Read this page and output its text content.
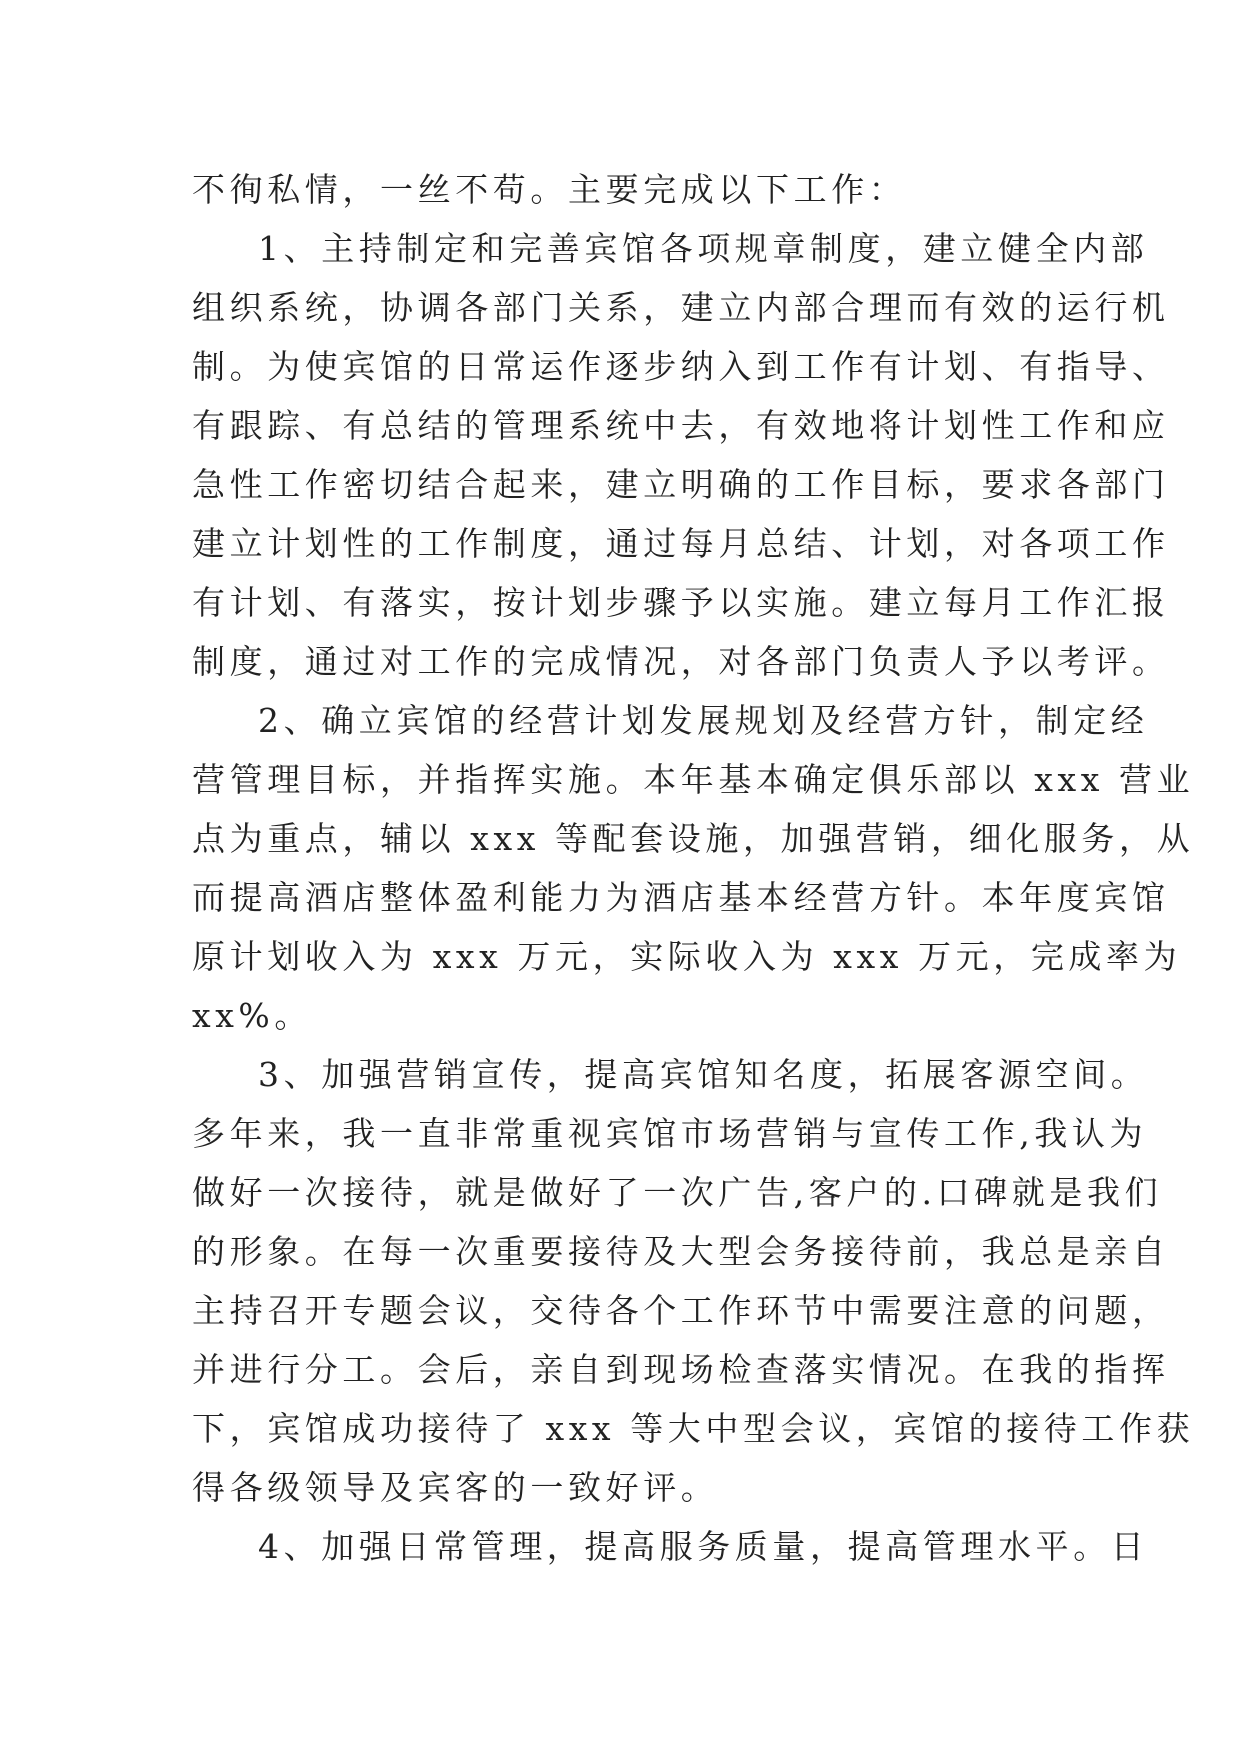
不徇私情，一丝不苟。主要完成以下工作：
1、主持制定和完善宾馆各项规章制度，建立健全内部
组织系统，协调各部门关系，建立内部合理而有效的运行机
制。为使宾馆的日常运作逐步纳入到工作有计划、有指导、
有跟踪、有总结的管理系统中去，有效地将计划性工作和应
急性工作密切结合起来，建立明确的工作目标，要求各部门
建立计划性的工作制度，通过每月总结、计划，对各项工作
有计划、有落实，按计划步骤予以实施。建立每月工作汇报
制度，通过对工作的完成情况，对各部门负责人予以考评。
2、确立宾馆的经营计划发展规划及经营方针，制定经
营管理目标，并指挥实施。本年基本确定俱乐部以 xxx 营业
点为重点，辅以 xxx 等配套设施，加强营销，细化服务，从
而提高酒店整体盈利能力为酒店基本经营方针。本年度宾馆
原计划收入为 xxx 万元，实际收入为 xxx 万元，完成率为
xx%。
3、加强营销宣传，提高宾馆知名度，拓展客源空间。
多年来，我一直非常重视宾馆市场营销与宣传工作,我认为
做好一次接待，就是做好了一次广告,客户的.口碑就是我们
的形象。在每一次重要接待及大型会务接待前，我总是亲自
主持召开专题会议，交待各个工作环节中需要注意的问题，
并进行分工。会后，亲自到现场检查落实情况。在我的指挥
下，宾馆成功接待了 xxx 等大中型会议，宾馆的接待工作获
得各级领导及宾客的一致好评。
4、加强日常管理，提高服务质量，提高管理水平。日
